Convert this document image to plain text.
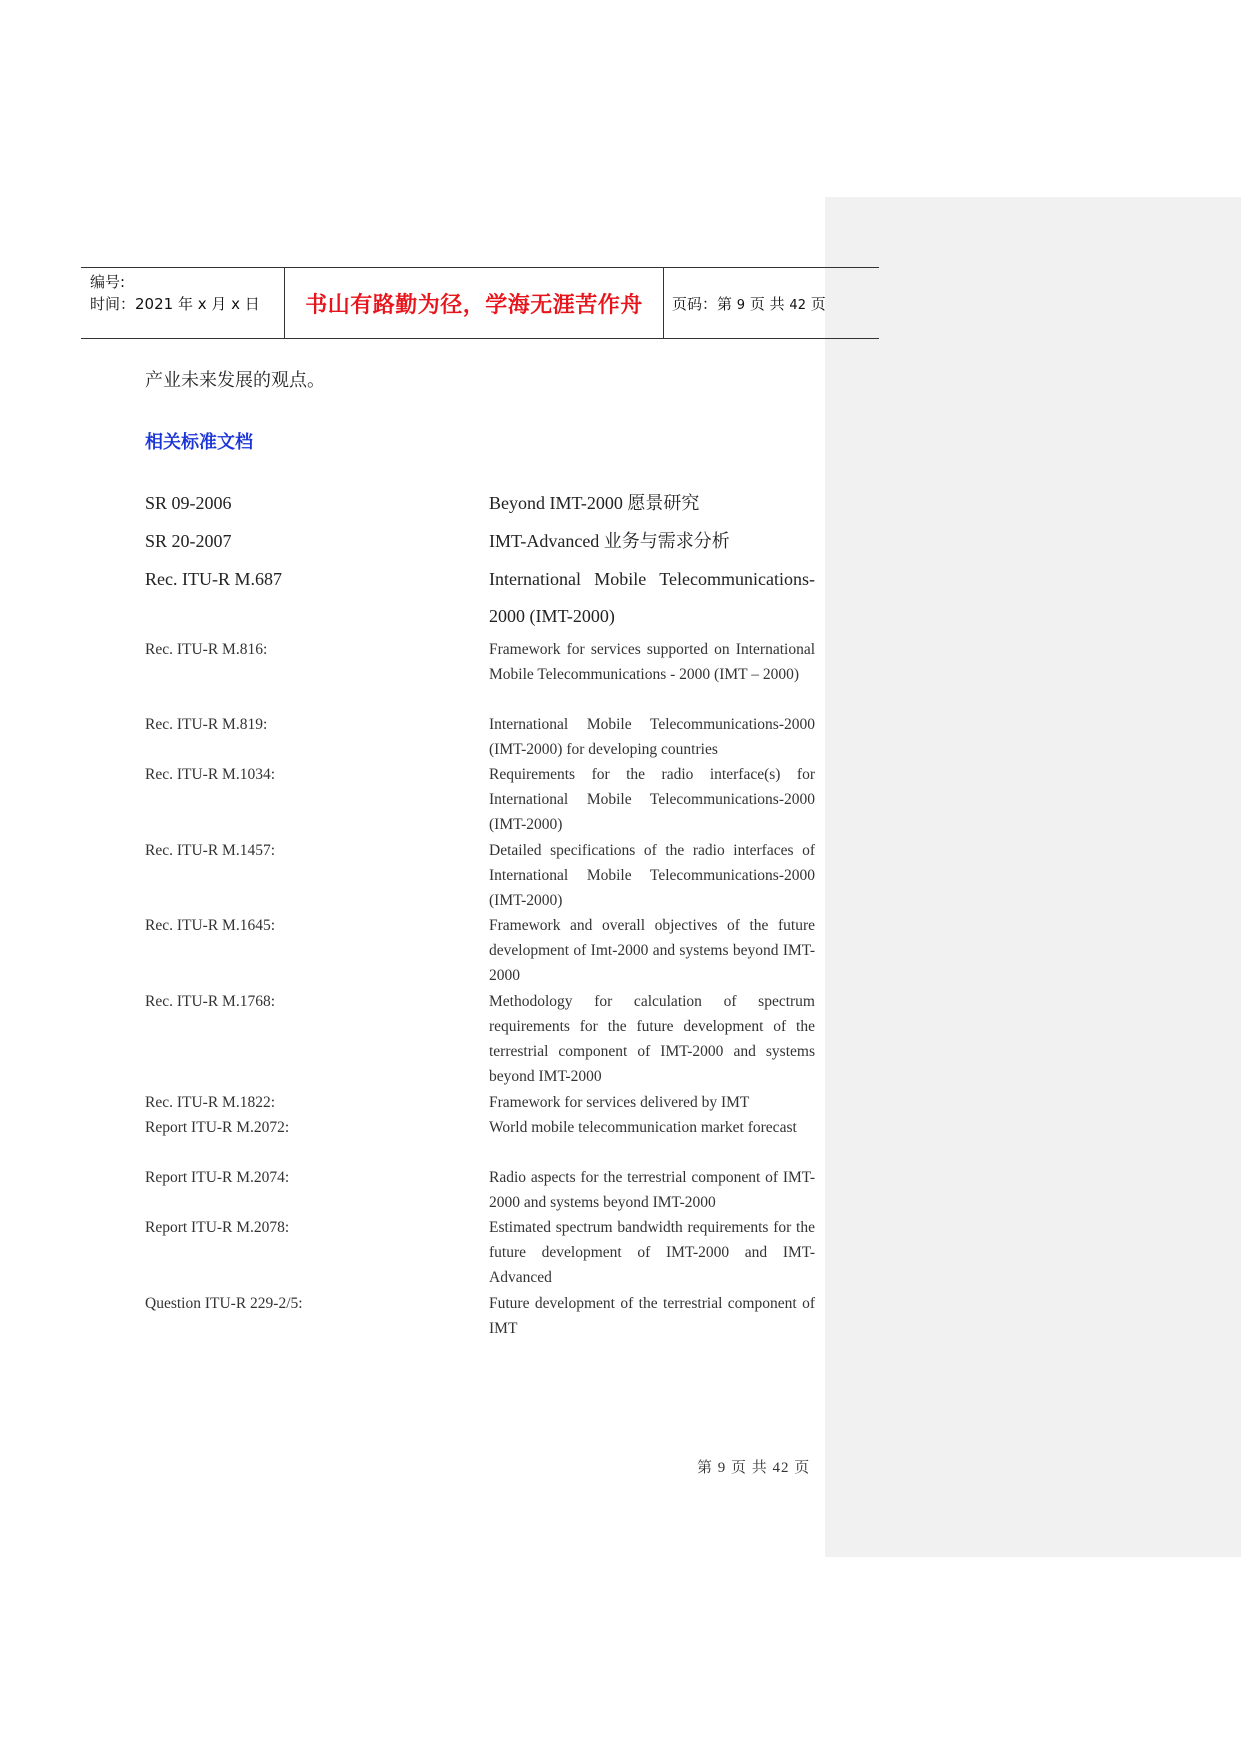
编号:
时间：2021 年 x 月 x 日 书山有路勤为径，学海无涯苦作舟 页码：第 9 页 共 42 页
产业未来发展的观点。
相关标准文档
SR 09-2006	Beyond IMT-2000 愿景研究
SR 20-2007	IMT-Advanced 业务与需求分析
Rec. ITU-R M.687	International Mobile Telecommunications-2000 (IMT-2000)
Rec. ITU-R M.816:	Framework for services supported on International Mobile Telecommunications - 2000 (IMT – 2000)
Rec. ITU-R M.819:	International Mobile Telecommunications-2000 (IMT-2000) for developing countries
Rec. ITU-R M.1034:	Requirements for the radio interface(s) for International Mobile Telecommunications-2000 (IMT-2000)
Rec. ITU-R M.1457:	Detailed specifications of the radio interfaces of International Mobile Telecommunications-2000 (IMT-2000)
Rec. ITU-R M.1645:	Framework and overall objectives of the future development of Imt-2000 and systems beyond IMT-2000
Rec. ITU-R M.1768:	Methodology for calculation of spectrum requirements for the future development of the terrestrial component of IMT-2000 and systems beyond IMT-2000
Rec. ITU-R M.1822:	Framework for services delivered by IMT
Report ITU-R M.2072:	World mobile telecommunication market forecast
Report ITU-R M.2074:	Radio aspects for the terrestrial component of IMT-2000 and systems beyond IMT-2000
Report ITU-R M.2078:	Estimated spectrum bandwidth requirements for the future development of IMT-2000 and IMT-Advanced
Question ITU-R 229-2/5:	Future development of the terrestrial component of IMT
第 9 页 共 42 页
